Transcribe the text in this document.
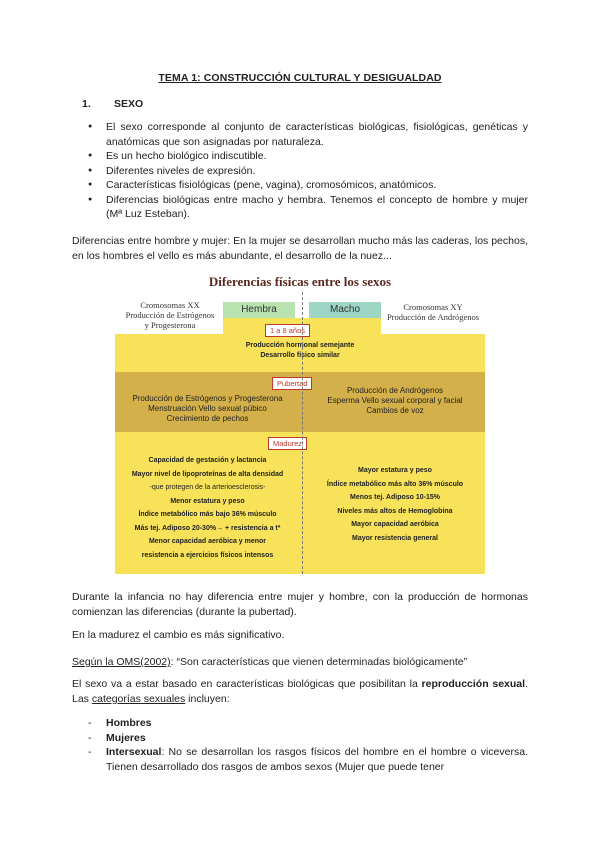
TEMA 1: CONSTRUCCIÓN CULTURAL Y DESIGUALDAD
1. SEXO
● El sexo corresponde al conjunto de características biológicas, fisiológicas, genéticas y anatómicas que son asignadas por naturaleza.
● Es un hecho biológico indiscutible.
● Diferentes niveles de expresión.
● Características fisiológicas (pene, vagina), cromosómicos, anatómicos.
● Diferencias biológicas entre macho y hembra. Tenemos el concepto de hombre y mujer (Mª Luz Esteban).
Diferencias entre hombre y mujer: En la mujer se desarrollan mucho más las caderas, los pechos, en los hombres el vello es más abundante, el desarrollo de la nuez...
Diferencias físicas entre los sexos
Cromosomas XX
Producción de Estrógenos
y Progesterona
Hembra	Macho	Cromosomas XY
Producción de Andrógenos
1 a 8 años
Producción hormonal semejante
Desarrollo físico similar
Pubertad
Producción de Estrógenos y Progesterona
Menstruación Vello sexual púbico
Crecimiento de pechos
Producción de Andrógenos
Esperma Vello sexual corporal y facial
Cambios de voz
Madurez
Capacidad de gestación y lactancia
Mayor nivel de lipoproteínas de alta densidad
-que protegen de la arterioesclerosis-
Menor estatura y peso
Índice metabólico más bajo 36% músculo
Más tej. Adiposo 20-30%→ + resistencia a tª
Menor capacidad aeróbica y menor
resistencia a ejercicios físicos intensos
Mayor estatura y peso
Índice metabólico más alto 36% músculo
Menos tej. Adiposo 10-15%
Niveles más altos de Hemoglobina
Mayor capacidad aeróbica
Mayor resistencia general
Durante la infancia no hay diferencia entre mujer y hombre, con la producción de hormonas comienzan las diferencias (durante la pubertad).
En la madurez el cambio es más significativo.
Según la OMS(2002): “Son características que vienen determinadas biológicamente”
El sexo va a estar basado en características biológicas que posibilitan la reproducción sexual. Las categorías sexuales incluyen:
- Hombres
- Mujeres
- Intersexual: No se desarrollan los rasgos físicos del hombre en el hombre o viceversa. Tienen desarrollado dos rasgos de ambos sexos (Mujer que puede tener
